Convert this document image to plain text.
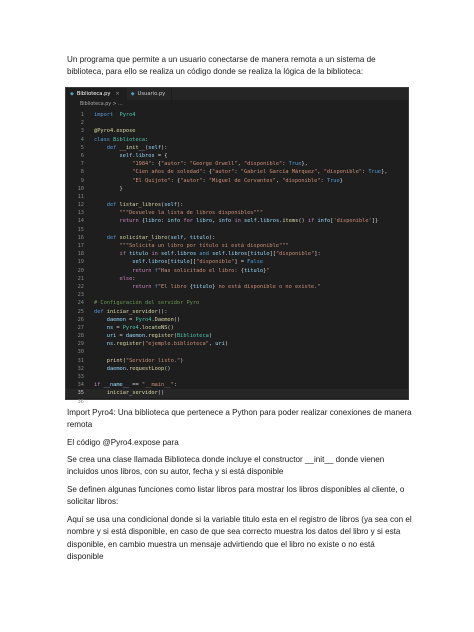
Un programa que permite a un usuario conectarse de manera remota a un sistema de biblioteca, para ello se realiza un código donde se realiza la lógica de la biblioteca:

◆ Biblioteca.py × ◆ Usuario.py
Biblioteca.py > ...
1	import Pyro4
2
3	@Pyro4.expose
4	class Biblioteca:
5	def __init__(self):
6	self.libros = {
7	"1984": {"autor": "George Orwell", "disponible": True},
8	"Cien años de soledad": {"autor": "Gabriel García Márquez", "disponible": True},
9	"El Quijote": {"autor": "Miguel de Cervantes", "disponible": True}
10	}
11
12	def listar_libros(self):
13	"""Devuelve la lista de libros disponibles"""
14	return {libro: info for libro, info in self.libros.items() if info['disponible']}
15
16	def solicitar_libro(self, titulo):
17	"""Solicita un libro por título si está disponible"""
18	if titulo in self.libros and self.libros[titulo]["disponible"]:
19	self.libros[titulo]["disponible"] = False
20	return f"Has solicitado el libro: {titulo}"
21	else:
22	return f"El libro {titulo} no está disponible o no existe."
23
24	# Configuración del servidor Pyro
25	def iniciar_servidor():
26	daemon = Pyro4.Daemon()
27	ns = Pyro4.locateNS()
28	uri = daemon.register(Biblioteca)
29	ns.register("ejemplo.biblioteca", uri)
30
31	print("Servidor listo.")
32	daemon.requestLoop()
33
34	if __name__ == "__main__":
35	iniciar_servidor()
36

Import Pyro4: Una biblioteca que pertenece a Python para poder realizar conexiones de manera remota

El código @Pyro4.expose para

Se crea una clase llamada Biblioteca donde incluye el constructor __init__ donde vienen incluidos unos libros, con su autor, fecha y si está disponible

Se definen algunas funciones como listar libros para mostrar los libros disponibles al cliente, o solicitar libros:

Aquí se usa una condicional donde si la variable titulo esta en el registro de libros (ya sea con el nombre y si está disponible, en caso de que sea correcto muestra los datos del libro y si esta disponible, en cambio muestra un mensaje advirtiendo que el libro no existe o no está disponible
